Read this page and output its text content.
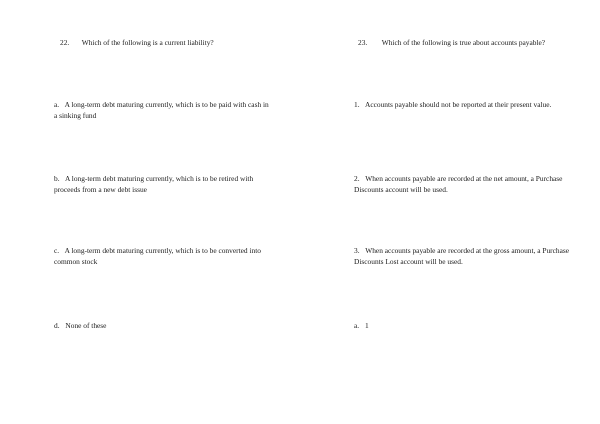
22. Which of the following is a current liability?
a. A long-term debt maturing currently, which is to be paid with cash in a sinking fund
b. A long-term debt maturing currently, which is to be retired with proceeds from a new debt issue
c. A long-term debt maturing currently, which is to be converted into common stock
d. None of these
23. Which of the following is true about accounts payable?
1. Accounts payable should not be reported at their present value.
2. When accounts payable are recorded at the net amount, a Purchase Discounts account will be used.
3. When accounts payable are recorded at the gross amount, a Purchase Discounts Lost account will be used.
a. 1
